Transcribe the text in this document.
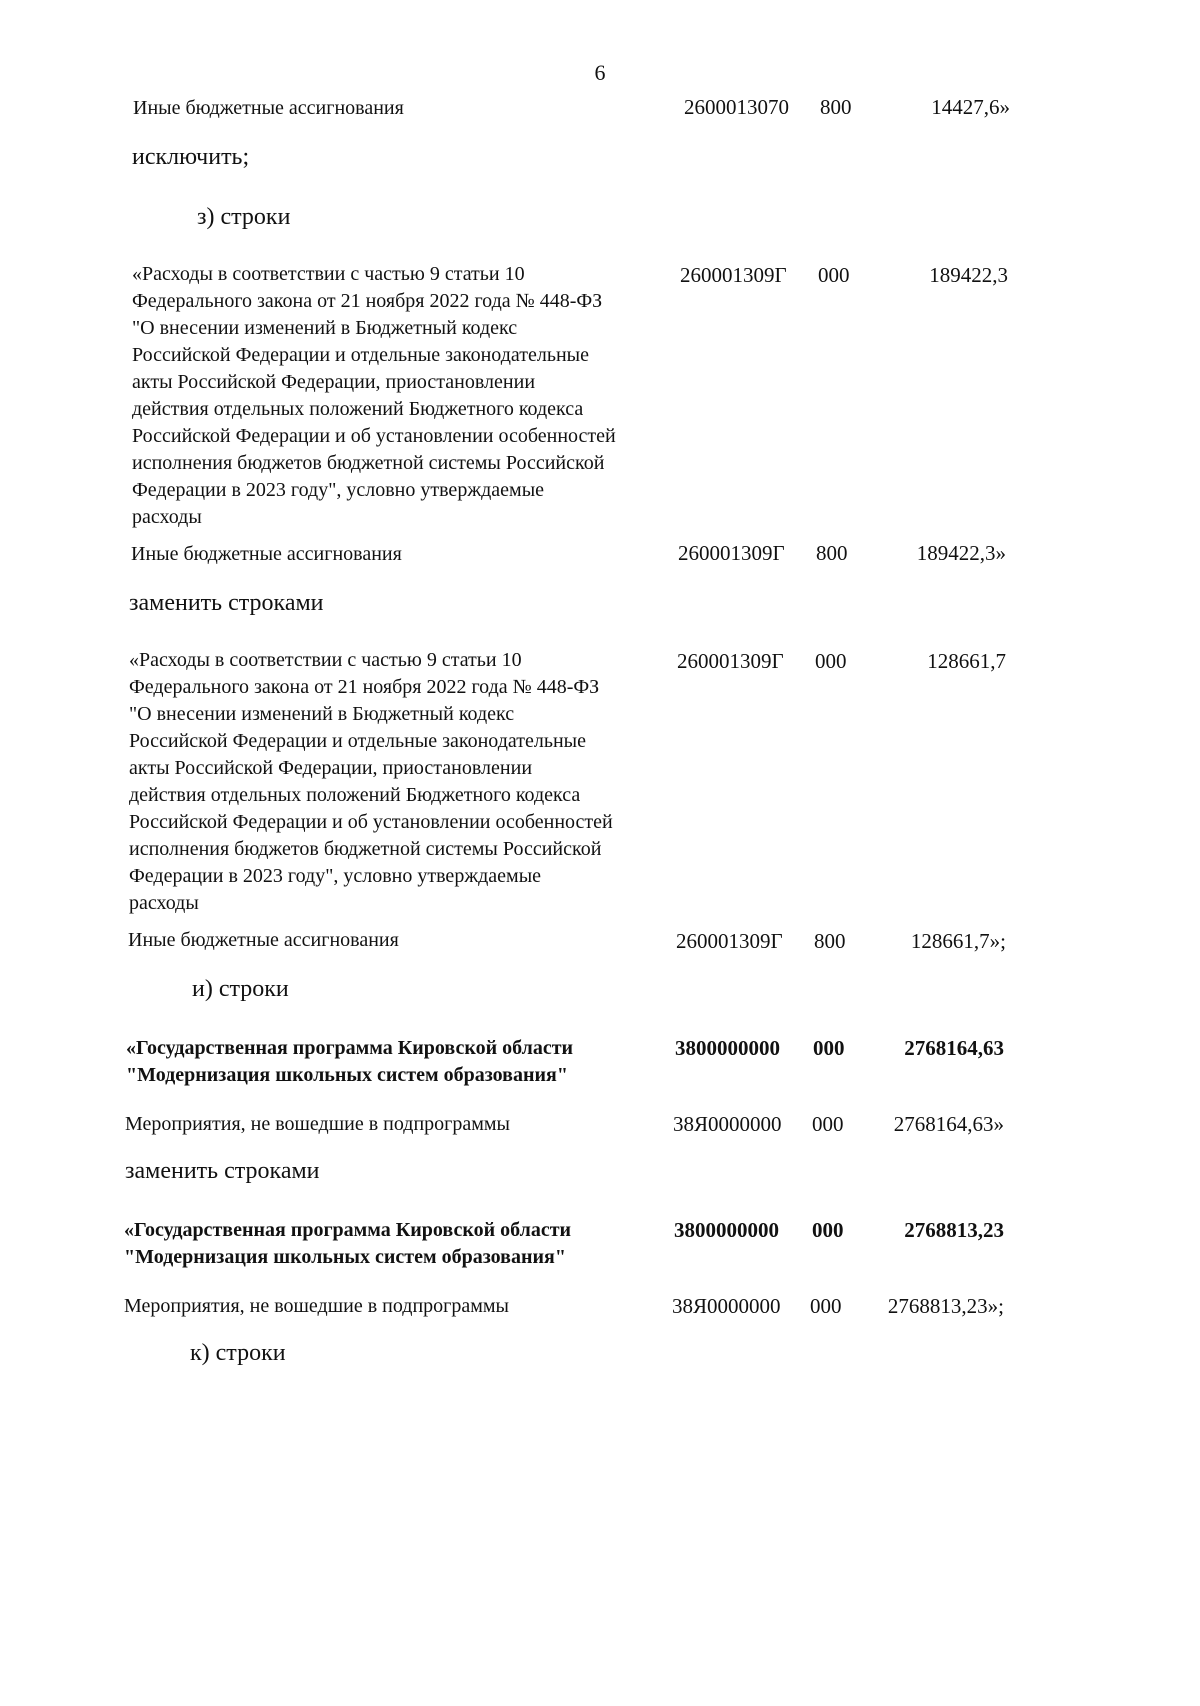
6
Иные бюджетные ассигнования	2600013070 800	14427,6»
исключить;
з) строки
«Расходы в соответствии с частью 9 статьи 10
Федерального закона от 21 ноября 2022 года № 448-ФЗ
"О внесении изменений в Бюджетный кодекс
Российской Федерации и отдельные законодательные
акты Российской Федерации, приостановлении
действия отдельных положений Бюджетного кодекса
Российской Федерации и об установлении особенностей
исполнения бюджетов бюджетной системы Российской
Федерации в 2023 году", условно утверждаемые
расходы
260001309Г 000	189422,3
Иные бюджетные ассигнования	260001309Г 800	189422,3»
заменить строками
«Расходы в соответствии с частью 9 статьи 10
Федерального закона от 21 ноября 2022 года № 448-ФЗ
"О внесении изменений в Бюджетный кодекс
Российской Федерации и отдельные законодательные
акты Российской Федерации, приостановлении
действия отдельных положений Бюджетного кодекса
Российской Федерации и об установлении особенностей
исполнения бюджетов бюджетной системы Российской
Федерации в 2023 году", условно утверждаемые
расходы
260001309Г 000	128661,7
Иные бюджетные ассигнования	260001309Г 800	128661,7»;
и) строки
«Государственная программа Кировской области
"Модернизация школьных систем образования"
3800000000 000	2768164,63
Мероприятия, не вошедшие в подпрограммы	38Я0000000 000	2768164,63»
заменить строками
«Государственная программа Кировской области
"Модернизация школьных систем образования"
3800000000 000	2768813,23
Мероприятия, не вошедшие в подпрограммы	38Я0000000 000	2768813,23»;
к) строки
